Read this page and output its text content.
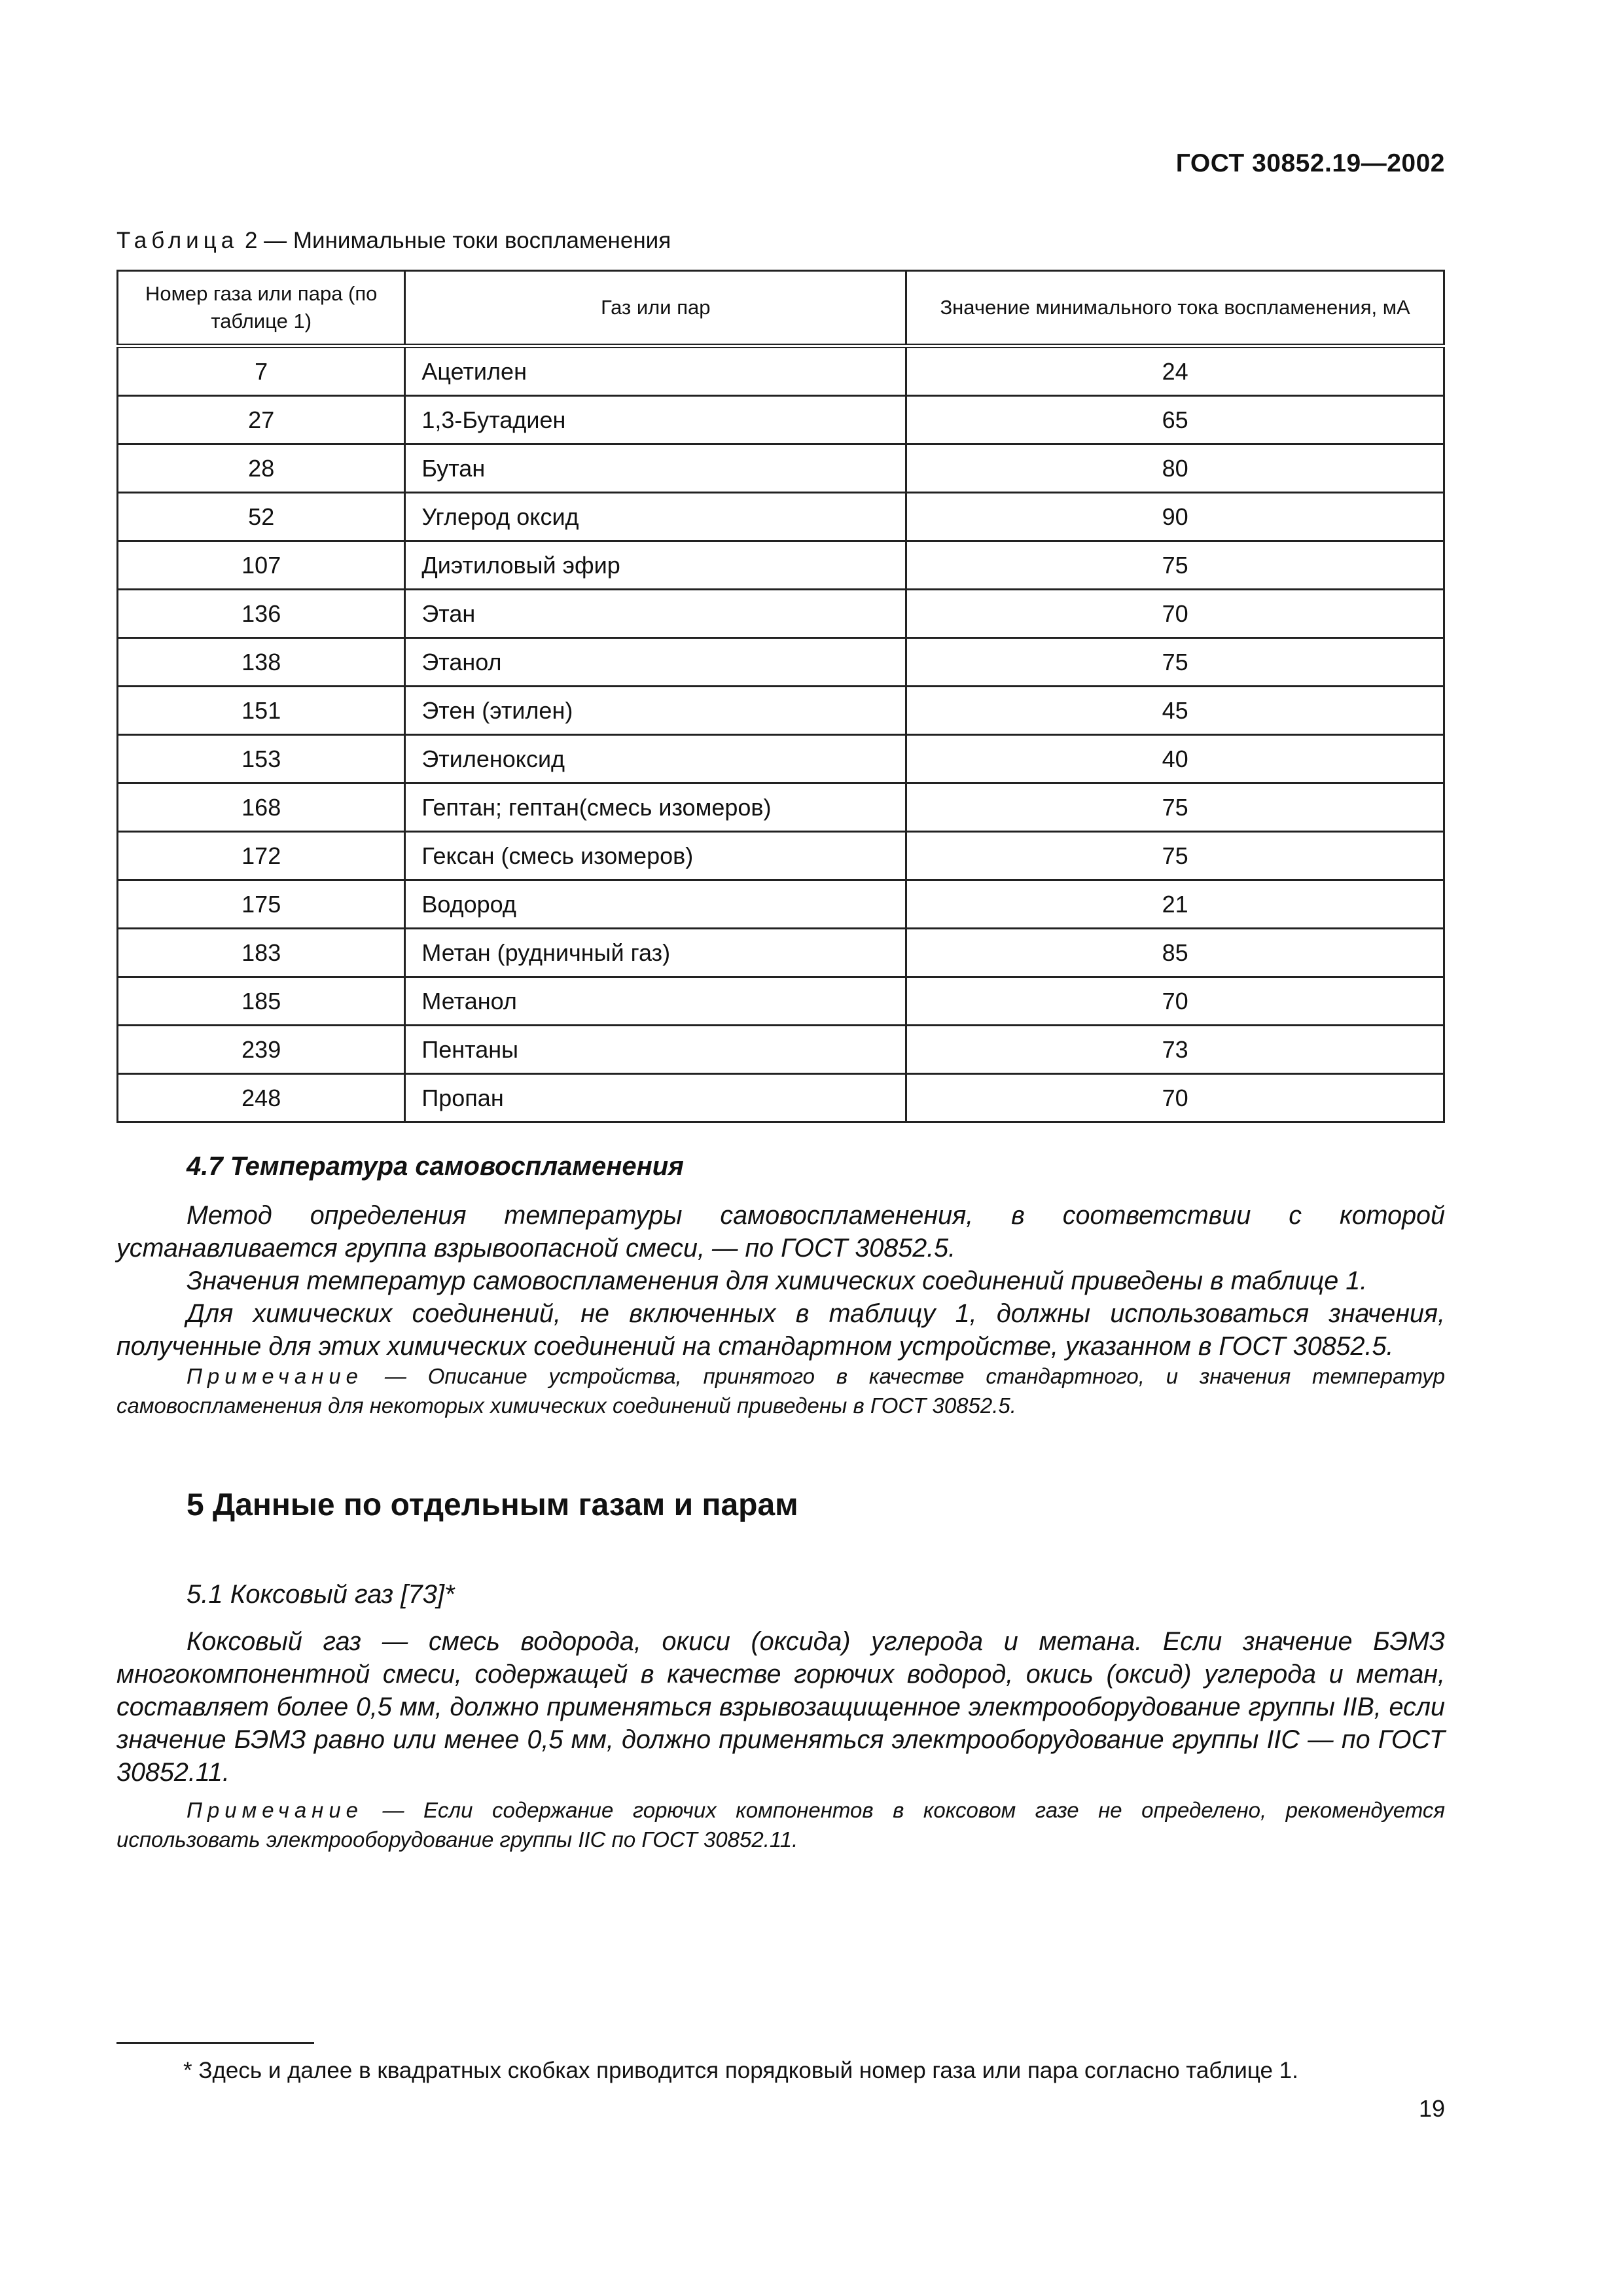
ГОСТ 30852.19—2002
Таблица 2 — Минимальные токи воспламенения
Номер газа или пара (по таблице 1)	Газ или пар	Значение минимального тока воспламенения, мА
7	Ацетилен	24
27	1,3-Бутадиен	65
28	Бутан	80
52	Углерод оксид	90
107	Диэтиловый эфир	75
136	Этан	70
138	Этанол	75
151	Этен (этилен)	45
153	Этиленоксид	40
168	Гептан; гептан(смесь изомеров)	75
172	Гексан (смесь изомеров)	75
175	Водород	21
183	Метан (рудничный газ)	85
185	Метанол	70
239	Пентаны	73
248	Пропан	70
4.7 Температура самовоспламенения
Метод определения температуры самовоспламенения, в соответствии с которой устанавливается группа взрывоопасной смеси, — по ГОСТ 30852.5.
Значения температур самовоспламенения для химических соединений приведены в таблице 1.
Для химических соединений, не включенных в таблицу 1, должны использоваться значения, полученные для этих химических соединений на стандартном устройстве, указанном в ГОСТ 30852.5.
Примечание — Описание устройства, принятого в качестве стандартного, и значения температур самовоспламенения для некоторых химических соединений приведены в ГОСТ 30852.5.
5 Данные по отдельным газам и парам
5.1 Коксовый газ [73]*
Коксовый газ — смесь водорода, окиси (оксида) углерода и метана. Если значение БЭМЗ многокомпонентной смеси, содержащей в качестве горючих водород, окись (оксид) углерода и метан, составляет более 0,5 мм, должно применяться взрывозащищенное электрооборудование группы IIВ, если значение БЭМЗ равно или менее 0,5 мм, должно применяться электрооборудование группы IIC — по ГОСТ 30852.11.
Примечание — Если содержание горючих компонентов в коксовом газе не определено, рекомендуется использовать электрооборудование группы IIC по ГОСТ 30852.11.
* Здесь и далее в квадратных скобках приводится порядковый номер газа или пара согласно таблице 1.
19
